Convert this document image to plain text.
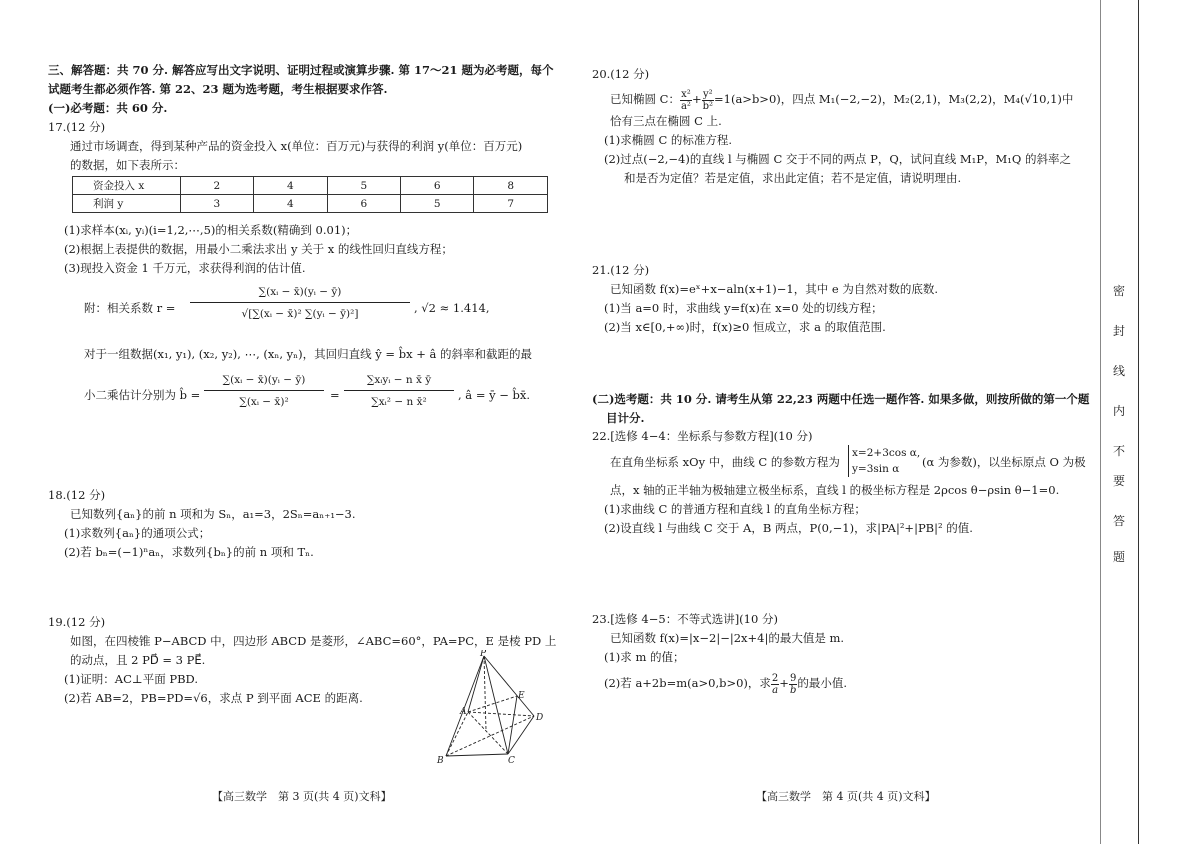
三、解答题：共 70 分. 解答应写出文字说明、证明过程或演算步骤. 第 17～21 题为必考题，每个
试题考生都必须作答. 第 22、23 题为选考题，考生根据要求作答.
(一)必考题：共 60 分.
17.(12 分)
通过市场调查，得到某种产品的资金投入 x(单位：百万元)与获得的利润 y(单位：百万元)
的数据，如下表所示：
资金投入 x	2	4	5	6	8
利润 y	3	4	6	5	7
(1)求样本(xᵢ, yᵢ)(i=1,2,⋯,5)的相关系数(精确到 0.01)；
(2)根据上表提供的数据，用最小二乘法求出 y 关于 x 的线性回归直线方程；
(3)现投入资金 1 千万元，求获得利润的估计值.
附：相关系数 $r = \frac{\text{∑(xᵢ − x̄)(yᵢ − ȳ)}}{\text{√[∑(xᵢ − x̄)² ∑(yᵢ − ȳ)²]}}$ , √2 ≈ 1.414,
对于一组数据(x₁, y₁), (x₂, y₂), ⋯, (xₙ, yₙ)，其回归直线 ŷ = b̂x + â 的斜率和截距的最
小二乘估计分别为 b̂ =
∑(xᵢ − x̄)(yᵢ − ȳ)
∑(xᵢ − x̄)²	=
∑xᵢyᵢ − n x̄ ȳ
∑xᵢ² − n x̄²	, â = ȳ − b̂x̄.
18.(12 分)
已知数列{aₙ}的前 n 项和为 Sₙ，a₁=3，2Sₙ=aₙ₊₁−3.
(1)求数列{aₙ}的通项公式；
(2)若 bₙ=(−1)ⁿaₙ，求数列{bₙ}的前 n 项和 Tₙ.
19.(12 分)
如图，在四棱锥 P−ABCD 中，四边形 ABCD 是菱形，∠ABC=60°，PA=PC，E 是棱 PD 上
的动点，且 2 PD⃗ = 3 PE⃗.
(1)证明：AC⊥平面 PBD.
(2)若 AB=2，PB=PD=√6，求点 P 到平面 ACE 的距离.
P
A
B	C
D
E
【高三数学　第 3 页(共 4 页)文科】
20.(12 分)
已知椭圆 C： $\frac{\text{x²}}{\text{a²}} + \frac{\text{y²}}{\text{b²}} =1(a>b>0)$，四点 M₁(−2,−2)，M₂(2,1)，M₃(2,2)，M₄(√10,1)中
恰有三点在椭圆 C 上.
(1)求椭圆 C 的标准方程.
(2)过点(−2,−4)的直线 l 与椭圆 C 交于不同的两点 P，Q，试问直线 M₁P，M₁Q 的斜率之
和是否为定值？若是定值，求出此定值；若不是定值，请说明理由.
21.(12 分)
已知函数 f(x)=eˣ+x−aln(x+1)−1，其中 e 为自然对数的底数.
(1)当 a=0 时，求曲线 y=f(x)在 x=0 处的切线方程；
(2)当 x∈[0,+∞)时，f(x)≥0 恒成立，求 a 的取值范围.
(二)选考题：共 10 分. 请考生从第 22,23 两题中任选一题作答. 如果多做，则按所做的第一个题
目计分.
22.[选修 4−4：坐标系与参数方程](10 分)
在直角坐标系 xOy 中，曲线 C 的参数方程为
x=2+3cos α,
y=3sin α	(α 为参数)，以坐标原点 O 为极
点，x 轴的正半轴为极轴建立极坐标系，直线 l 的极坐标方程是 2ρcos θ−ρsin θ−1=0.
(1)求曲线 C 的普通方程和直线 l 的直角坐标方程；
(2)设直线 l 与曲线 C 交于 A，B 两点，P(0,−1)，求|PA|²+|PB|² 的值.
23.[选修 4−5：不等式选讲](10 分)
已知函数 f(x)=|x−2|−|2x+4|的最大值是 m.
(1)求 m 的值；
(2)若 a+2b=m(a>0,b>0)，求 $\frac{2}{a} + \frac{9}{b}$ 的最小值.
【高三数学　第 4 页(共 4 页)文科】
密
封
线
内
不
要
答
题
